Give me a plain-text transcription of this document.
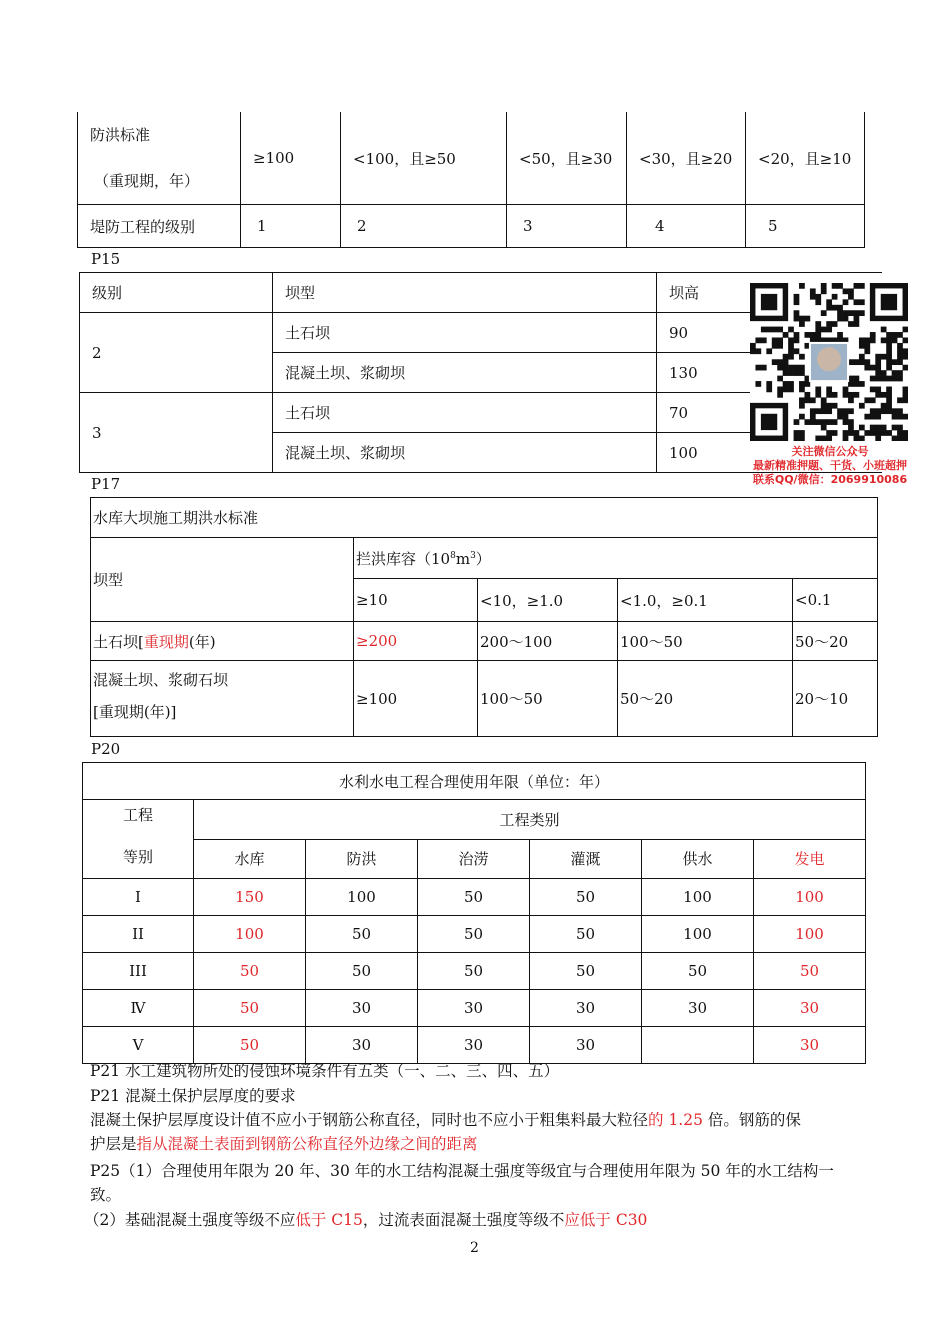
防洪标准
（重现期，年）	≥100	<100，且≥50	<50，且≥30	<30，且≥20	<20，且≥10
堤防工程的级别	1	2	3	4	5
P15
级别	坝型	坝高
2	土石坝	90
	混凝土坝、浆砌坝	130
3	土石坝	70
	混凝土坝、浆砌坝	100	关注微信公众号
最新精准押题、干货、小班超押
联系QQ/微信：2069910086
P17
水库大坝施工期洪水标准				
坝型	拦洪库容$(10^8m^3)$			
	≥10	<10，≥1.0	<1.0，≥0.1	<0.1
土石坝[重现期(年)	≥200	200～100	100～50	50～20

混凝土坝、浆砌石坝
[重现期(年)]	≥100	100～50	50～20	20～10
P20
水利水电工程合理使用年限（单位：年）						

工程
等别	工程类别					
	水库	防洪	治涝	灌溉	供水	发电
I	150	100	50	50	100	100
II	100	50	50	50	100	100
III	50	50	50	50	50	50
Ⅳ	50	30	30	30	30	30
V	50	30	30	30		30
P21 水工建筑物所处的侵蚀环境条件有五类（一、二、三、四、五）
P21 混凝土保护层厚度的要求
混凝土保护层厚度设计值不应小于钢筋公称直径，同时也不应小于粗集料最大粒径的 1.25 倍。钢筋的保
护层是指从混凝土表面到钢筋公称直径外边缘之间的距离
P25（1）合理使用年限为 20 年、30 年的水工结构混凝土强度等级宜与合理使用年限为 50 年的水工结构一
致。
（2）基础混凝土强度等级不应低于 C15，过流表面混凝土强度等级不应低于 C30
2
